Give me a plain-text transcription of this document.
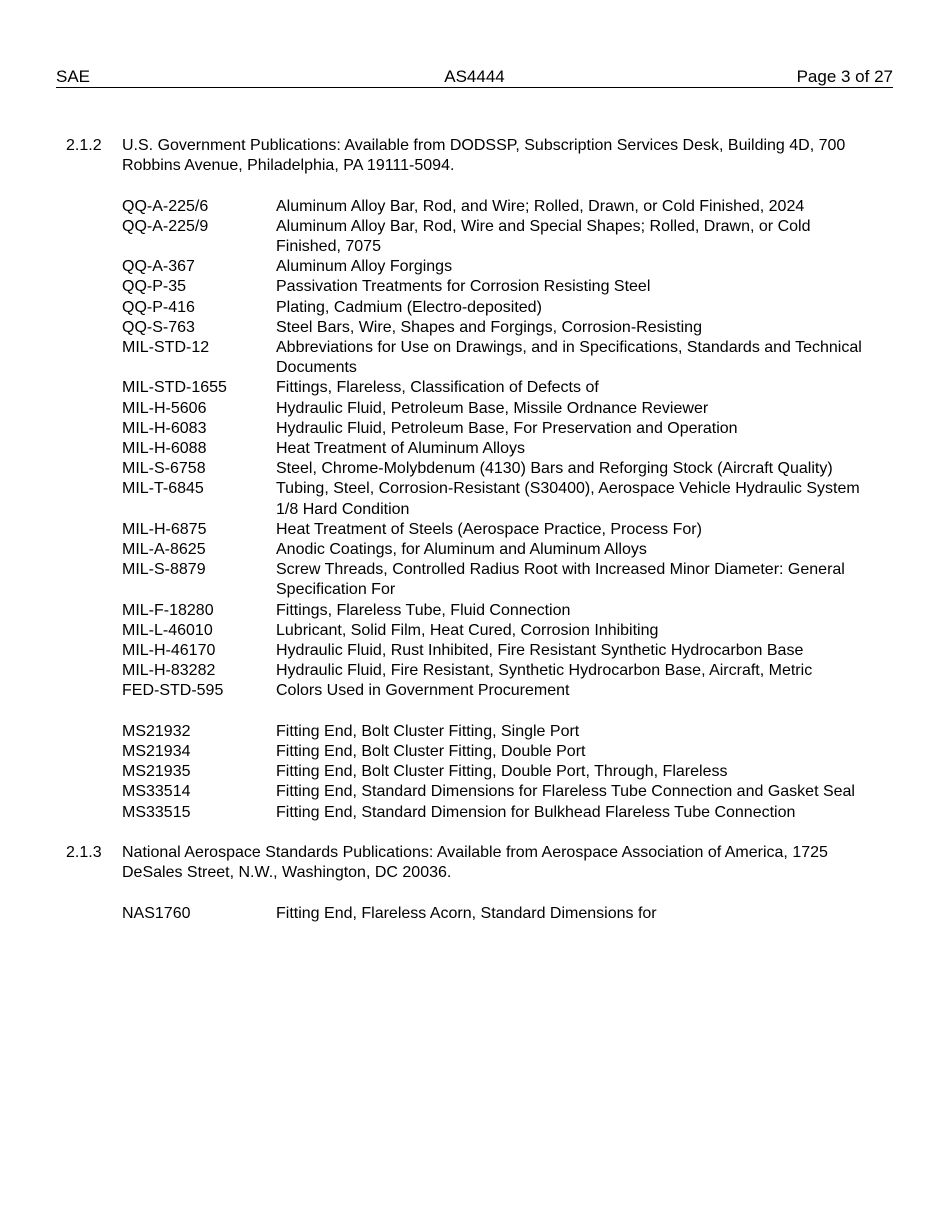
SAE	AS4444	Page 3 of 27
2.1.2	U.S. Government Publications: Available from DODSSP, Subscription Services Desk, Building 4D, 700 Robbins Avenue, Philadelphia, PA 19111-5094.
QQ-A-225/6	Aluminum Alloy Bar, Rod, and Wire; Rolled, Drawn, or Cold Finished, 2024
QQ-A-225/9	Aluminum Alloy Bar, Rod, Wire and Special Shapes; Rolled, Drawn, or Cold Finished, 7075
QQ-A-367	Aluminum Alloy Forgings
QQ-P-35	Passivation Treatments for Corrosion Resisting Steel
QQ-P-416	Plating, Cadmium (Electro-deposited)
QQ-S-763	Steel Bars, Wire, Shapes and Forgings, Corrosion-Resisting
MIL-STD-12	Abbreviations for Use on Drawings, and in Specifications, Standards and Technical Documents
MIL-STD-1655	Fittings, Flareless, Classification of Defects of
MIL-H-5606	Hydraulic Fluid, Petroleum Base, Missile Ordnance Reviewer
MIL-H-6083	Hydraulic Fluid, Petroleum Base, For Preservation and Operation
MIL-H-6088	Heat Treatment of Aluminum Alloys
MIL-S-6758	Steel, Chrome-Molybdenum (4130) Bars and Reforging Stock (Aircraft Quality)
MIL-T-6845	Tubing, Steel, Corrosion-Resistant (S30400), Aerospace Vehicle Hydraulic System 1/8 Hard Condition
MIL-H-6875	Heat Treatment of Steels (Aerospace Practice, Process For)
MIL-A-8625	Anodic Coatings, for Aluminum and Aluminum Alloys
MIL-S-8879	Screw Threads, Controlled Radius Root with Increased Minor Diameter: General Specification For
MIL-F-18280	Fittings, Flareless Tube, Fluid Connection
MIL-L-46010	Lubricant, Solid Film, Heat Cured, Corrosion Inhibiting
MIL-H-46170	Hydraulic Fluid, Rust Inhibited, Fire Resistant Synthetic Hydrocarbon Base
MIL-H-83282	Hydraulic Fluid, Fire Resistant, Synthetic Hydrocarbon Base, Aircraft, Metric
FED-STD-595	Colors Used in Government Procurement
MS21932	Fitting End, Bolt Cluster Fitting, Single Port
MS21934	Fitting End, Bolt Cluster Fitting, Double Port
MS21935	Fitting End, Bolt Cluster Fitting, Double Port, Through, Flareless
MS33514	Fitting End, Standard Dimensions for Flareless Tube Connection and Gasket Seal
MS33515	Fitting End, Standard Dimension for Bulkhead Flareless Tube Connection
2.1.3	National Aerospace Standards Publications: Available from Aerospace Association of America, 1725 DeSales Street, N.W., Washington, DC 20036.
NAS1760	Fitting End, Flareless Acorn, Standard Dimensions for
